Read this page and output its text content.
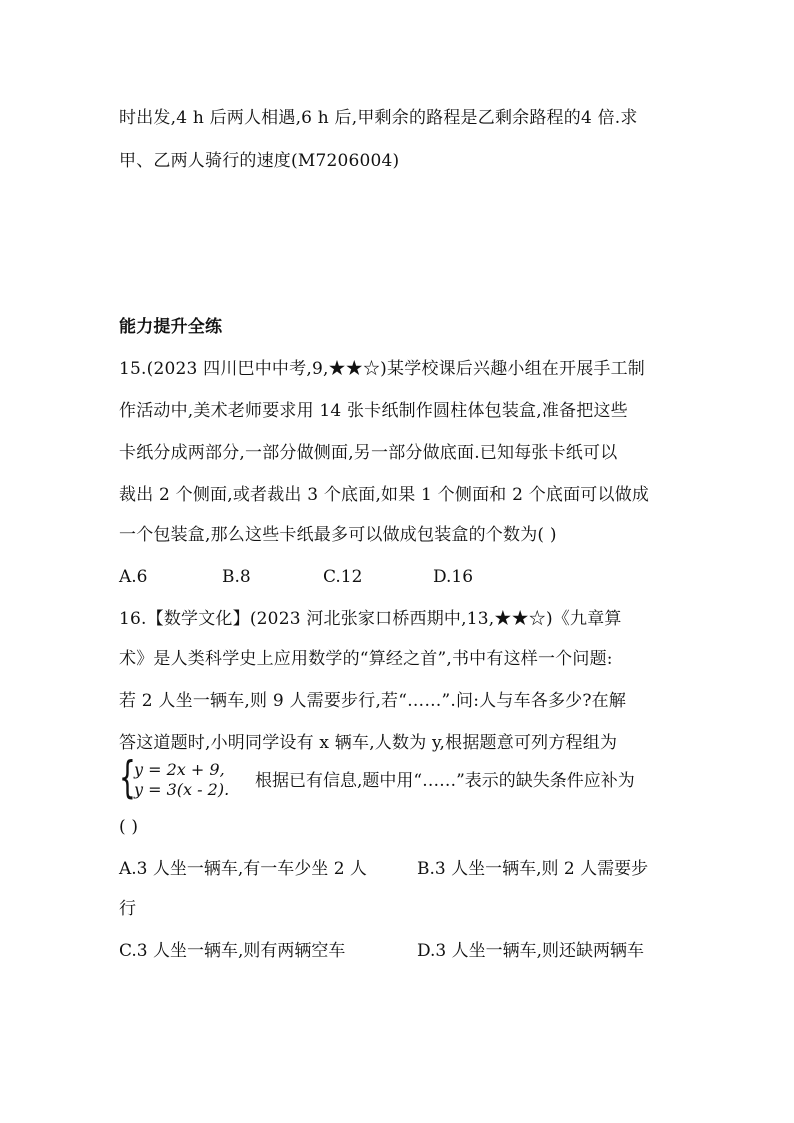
时出发,4 h 后两人相遇,6 h 后,甲剩余的路程是乙剩余路程的4 倍.求
甲、乙两人骑行的速度(M7206004)
能力提升全练
15.(2023 四川巴中中考,9,★★☆)某学校课后兴趣小组在开展手工制
作活动中,美术老师要求用 14 张卡纸制作圆柱体包装盒,准备把这些
卡纸分成两部分,一部分做侧面,另一部分做底面.已知每张卡纸可以
裁出 2 个侧面,或者裁出 3 个底面,如果 1 个侧面和 2 个底面可以做成
一个包装盒,那么这些卡纸最多可以做成包装盒的个数为( )
A.6	B.8	C.12	D.16
16.【数学文化】(2023 河北张家口桥西期中,13,★★☆)《九章算
术》是人类科学史上应用数学的“算经之首”,书中有这样一个问题:
若 2 人坐一辆车,则 9 人需要步行,若“……”.问:人与车各多少?在解
答这道题时,小明同学设有 x 辆车,人数为 y,根据题意可列方程组为
{
y = 2x + 9,
y = 3(x - 2). 根据已有信息,题中用“……”表示的缺失条件应补为
( )
A.3 人坐一辆车,有一车少坐 2 人	B.3 人坐一辆车,则 2 人需要步
行
C.3 人坐一辆车,则有两辆空车	D.3 人坐一辆车,则还缺两辆车
